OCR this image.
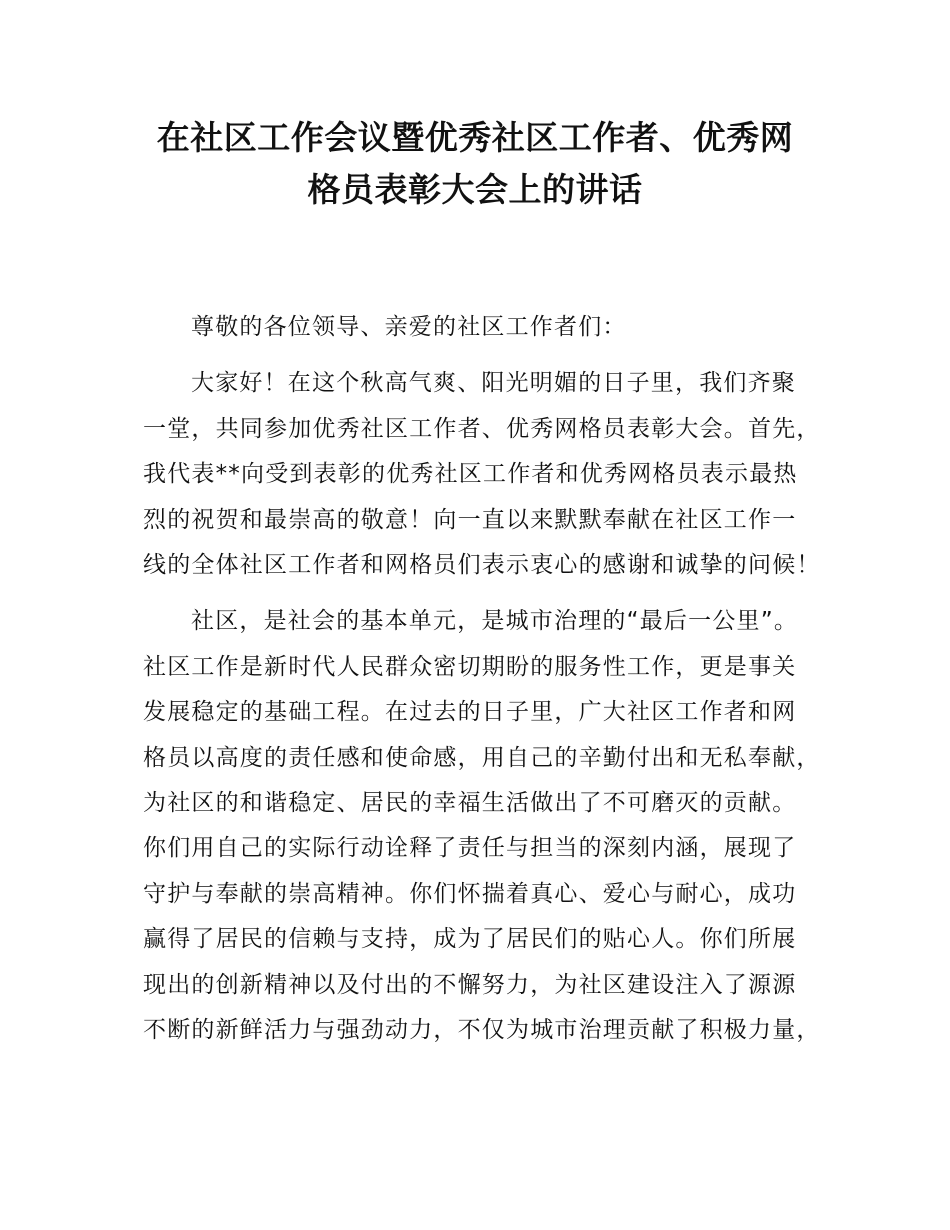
在社区工作会议暨优秀社区工作者、优秀网
格员表彰大会上的讲话

尊敬的各位领导、亲爱的社区工作者们：

大家好！在这个秋高气爽、阳光明媚的日子里，我们齐聚
一堂，共同参加优秀社区工作者、优秀网格员表彰大会。首先，
我代表**向受到表彰的优秀社区工作者和优秀网格员表示最热
烈的祝贺和最崇高的敬意！向一直以来默默奉献在社区工作一
线的全体社区工作者和网格员们表示衷心的感谢和诚挚的问候！

社区，是社会的基本单元，是城市治理的“最后一公里”。
社区工作是新时代人民群众密切期盼的服务性工作，更是事关
发展稳定的基础工程。在过去的日子里，广大社区工作者和网
格员以高度的责任感和使命感，用自己的辛勤付出和无私奉献，
为社区的和谐稳定、居民的幸福生活做出了不可磨灭的贡献。
你们用自己的实际行动诠释了责任与担当的深刻内涵，展现了
守护与奉献的崇高精神。你们怀揣着真心、爱心与耐心，成功
赢得了居民的信赖与支持，成为了居民们的贴心人。你们所展
现出的创新精神以及付出的不懈努力，为社区建设注入了源源
不断的新鲜活力与强劲动力，不仅为城市治理贡献了积极力量，
